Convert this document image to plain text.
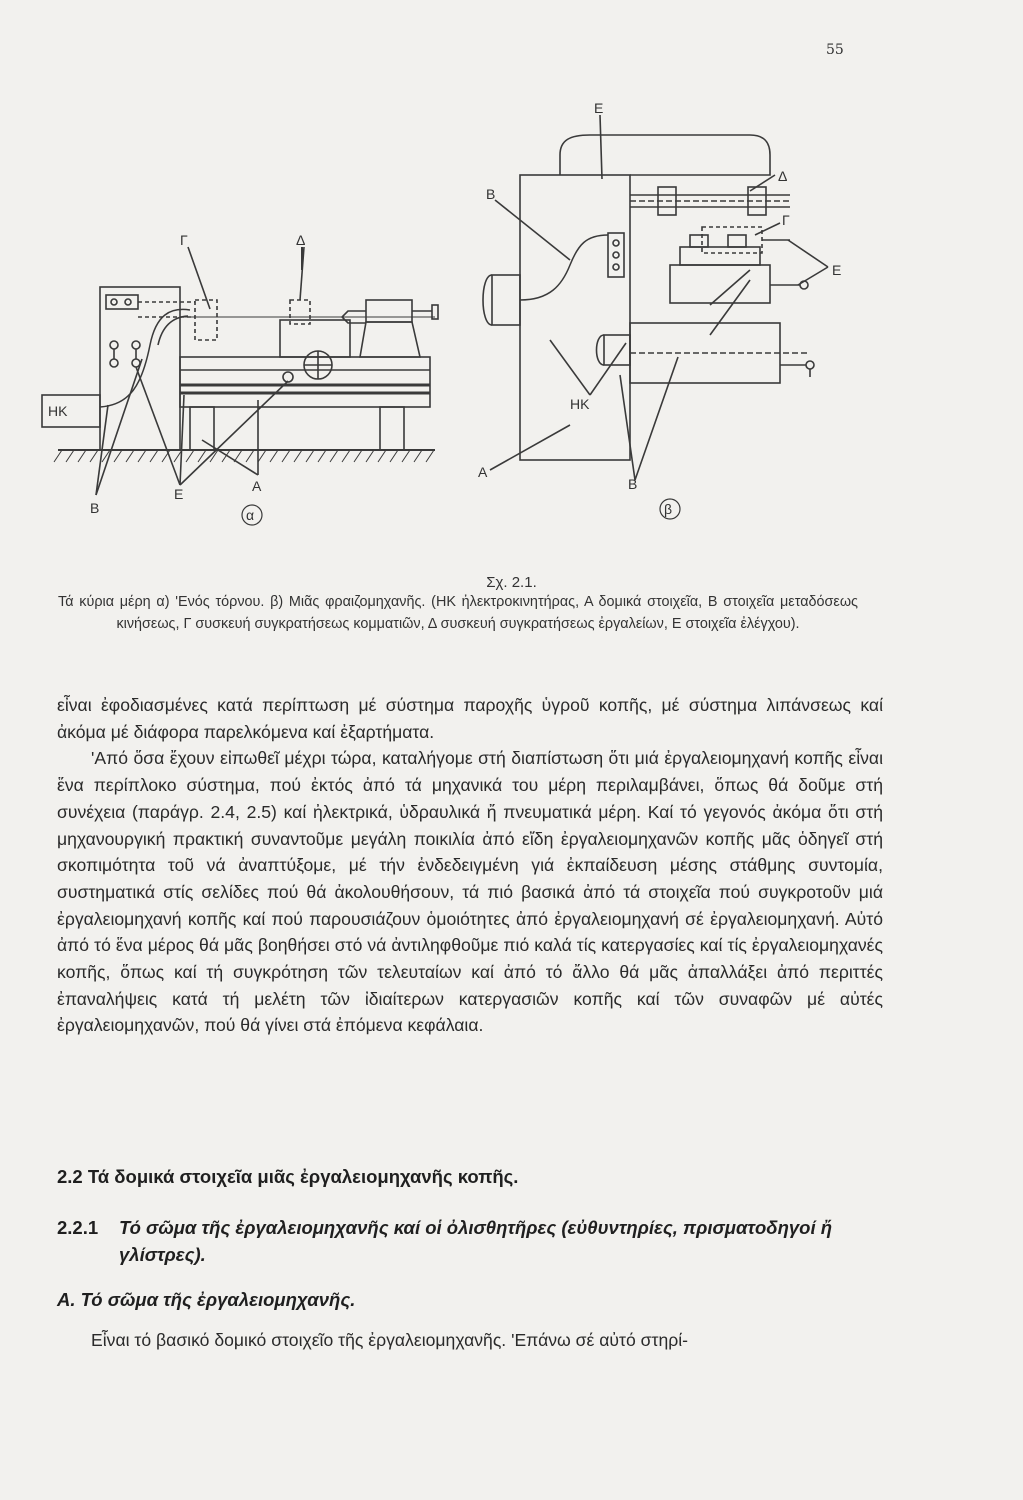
55
Γ	Δ
ΗΚ
Β
Ε	Α
α
Ε
Β
Δ
Γ
Ε
ΗΚ
Α
Β
β
Σχ. 2.1.
Τά κύρια μέρη α) 'Ενός τόρνου. β) Μιᾶς φραιζομηχανῆς. (ΗΚ ἠλεκτροκινητήρας, Α δομικά στοιχεῖα, Β στοιχεῖα μεταδόσεως κινήσεως, Γ συσκευή συγκρατήσεως κομματιῶν, Δ συσκευή συγκρατήσεως ἐργαλείων, Ε στοιχεῖα ἐλέγχου).

εἶναι ἐφοδιασμένες κατά περίπτωση μέ σύστημα παροχῆς ὑγροῦ κοπῆς, μέ σύστημα λιπάνσεως καί ἀκόμα μέ διάφορα παρελκόμενα καί ἐξαρτήματα.

'Από ὅσα ἔχουν εἰπωθεῖ μέχρι τώρα, καταλήγομε στή διαπίστωση ὅτι μιά ἐργαλειομηχανή κοπῆς εἶναι ἕνα περίπλοκο σύστημα, πού ἐκτός ἀπό τά μηχανικά του μέρη περιλαμβάνει, ὅπως θά δοῦμε στή συνέχεια (παράγρ. 2.4, 2.5) καί ἠλεκτρικά, ὑδραυλικά ἤ πνευματικά μέρη. Καί τό γεγονός ἀκόμα ὅτι στή μηχανουργική πρακτική συναντοῦμε μεγάλη ποικιλία ἀπό εἴδη ἐργαλειομηχανῶν κοπῆς μᾶς ὁδηγεῖ στή σκοπιμότητα τοῦ νά ἀναπτύξομε, μέ τήν ἐνδεδειγμένη γιά ἐκπαίδευση μέσης στάθμης συντομία, συστηματικά στίς σελίδες πού θά ἀκολουθήσουν, τά πιό βασικά ἀπό τά στοιχεῖα πού συγκροτοῦν μιά ἐργαλειομηχανή κοπῆς καί πού παρουσιάζουν ὁμοιότητες ἀπό ἐργαλειομηχανή σέ ἐργαλειομηχανή. Αὐτό ἀπό τό ἕνα μέρος θά μᾶς βοηθήσει στό νά ἀντιληφθοῦμε πιό καλά τίς κατεργασίες καί τίς ἐργαλειομηχανές κοπῆς, ὅπως καί τή συγκρότηση τῶν τελευταίων καί ἀπό τό ἄλλο θά μᾶς ἀπαλλάξει ἀπό περιττές ἐπαναλήψεις κατά τή μελέτη τῶν ἰδιαίτερων κατεργασιῶν κοπῆς καί τῶν συναφῶν μέ αὐτές ἐργαλειομηχανῶν, πού θά γίνει στά ἐπόμενα κεφάλαια.

2.2 Τά δομικά στοιχεῖα μιᾶς ἐργαλειομηχανῆς κοπῆς.
2.2.1 Τό σῶμα τῆς ἐργαλειομηχανῆς καί οἱ ὀλισθητῆρες (εὐθυντηρίες, πρισματοδηγοί ἤ γλίστρες).
Α. Τό σῶμα τῆς ἐργαλειομηχανῆς.

Εἶναι τό βασικό δομικό στοιχεῖο τῆς ἐργαλειομηχανῆς. 'Επάνω σέ αὐτό στηρί-
